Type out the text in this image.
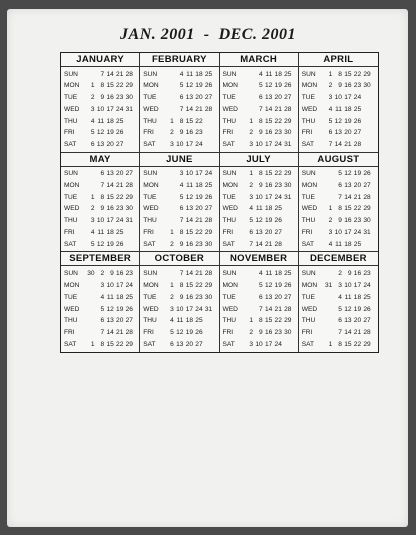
JAN. 2001  -  DEC. 2001
JANUARY
SUN	7 14 21 28
MON	1 8 15 22 29
TUE	2 9 16 23 30
WED	3 10 17 24 31
THU	4 11 18 25
FRI	5 12 19 26
SAT	6 13 20 27
FEBRUARY
SUN	4 11 18 25
MON	5 12 19 26
TUE	6 13 20 27
WED	7 14 21 28
THU	1 8 15 22
FRI	2 9 16 23
SAT	3 10 17 24
MARCH
SUN	4 11 18 25
MON	5 12 19 26
TUE	6 13 20 27
WED	7 14 21 28
THU	1 8 15 22 29
FRI	2 9 16 23 30
SAT	3 10 17 24 31
APRIL
SUN	1 8 15 22 29
MON	2 9 16 23 30
TUE	3 10 17 24
WED	4 11 18 25
THU	5 12 19 26
FRI	6 13 20 27
SAT	7 14 21 28
MAY
SUN	6 13 20 27
MON	7 14 21 28
TUE	1 8 15 22 29
WED	2 9 16 23 30
THU	3 10 17 24 31
FRI	4 11 18 25
SAT	5 12 19 26
JUNE
SUN	3 10 17 24
MON	4 11 18 25
TUE	5 12 19 26
WED	6 13 20 27
THU	7 14 21 28
FRI	1 8 15 22 29
SAT	2 9 16 23 30
JULY
SUN	1 8 15 22 29
MON	2 9 16 23 30
TUE	3 10 17 24 31
WED	4 11 18 25
THU	5 12 19 26
FRI	6 13 20 27
SAT	7 14 21 28
AUGUST
SUN	5 12 19 26
MON	6 13 20 27
TUE	7 14 21 28
WED	1 8 15 22 29
THU	2 9 16 23 30
FRI	3 10 17 24 31
SAT	4 11 18 25
SEPTEMBER
SUN	30 2 9 16 23
MON	3 10 17 24
TUE	4 11 18 25
WED	5 12 19 26
THU	6 13 20 27
FRI	7 14 21 28
SAT	1 8 15 22 29
OCTOBER
SUN	7 14 21 28
MON	1 8 15 22 29
TUE	2 9 16 23 30
WED	3 10 17 24 31
THU	4 11 18 25
FRI	5 12 19 26
SAT	6 13 20 27
NOVEMBER
SUN	4 11 18 25
MON	5 12 19 26
TUE	6 13 20 27
WED	7 14 21 28
THU	1 8 15 22 29
FRI	2 9 16 23 30
SAT	3 10 17 24
DECEMBER
SUN	2 9 16 23
MON	31 3 10 17 24
TUE	4 11 18 25
WED	5 12 19 26
THU	6 13 20 27
FRI	7 14 21 28
SAT	1 8 15 22 29
